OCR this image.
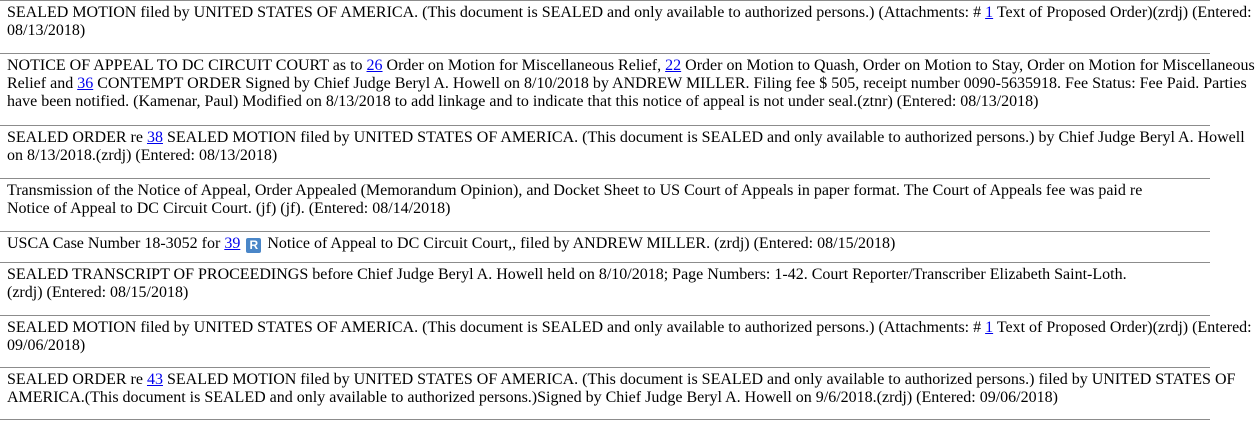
SEALED MOTION filed by UNITED STATES OF AMERICA. (This document is SEALED and only available to authorized persons.) (Attachments: # 1 Text of Proposed Order)(zrdj) (Entered:
08/13/2018)
NOTICE OF APPEAL TO DC CIRCUIT COURT as to 26 Order on Motion for Miscellaneous Relief, 22 Order on Motion to Quash, Order on Motion to Stay, Order on Motion for Miscellaneous
Relief and 36 CONTEMPT ORDER Signed by Chief Judge Beryl A. Howell on 8/10/2018 by ANDREW MILLER. Filing fee $ 505, receipt number 0090-5635918. Fee Status: Fee Paid. Parties
have been notified. (Kamenar, Paul) Modified on 8/13/2018 to add linkage and to indicate that this notice of appeal is not under seal.(ztnr) (Entered: 08/13/2018)
SEALED ORDER re 38 SEALED MOTION filed by UNITED STATES OF AMERICA. (This document is SEALED and only available to authorized persons.) by Chief Judge Beryl A. Howell
on 8/13/2018.(zrdj) (Entered: 08/13/2018)
Transmission of the Notice of Appeal, Order Appealed (Memorandum Opinion), and Docket Sheet to US Court of Appeals in paper format. The Court of Appeals fee was paid re
Notice of Appeal to DC Circuit Court. (jf) (jf). (Entered: 08/14/2018)
USCA Case Number 18-3052 for 39 R Notice of Appeal to DC Circuit Court,, filed by ANDREW MILLER. (zrdj) (Entered: 08/15/2018)
SEALED TRANSCRIPT OF PROCEEDINGS before Chief Judge Beryl A. Howell held on 8/10/2018; Page Numbers: 1-42. Court Reporter/Transcriber Elizabeth Saint-Loth.
(zrdj) (Entered: 08/15/2018)
SEALED MOTION filed by UNITED STATES OF AMERICA. (This document is SEALED and only available to authorized persons.) (Attachments: # 1 Text of Proposed Order)(zrdj) (Entered:
09/06/2018)
SEALED ORDER re 43 SEALED MOTION filed by UNITED STATES OF AMERICA. (This document is SEALED and only available to authorized persons.) filed by UNITED STATES OF
AMERICA.(This document is SEALED and only available to authorized persons.)Signed by Chief Judge Beryl A. Howell on 9/6/2018.(zrdj) (Entered: 09/06/2018)
